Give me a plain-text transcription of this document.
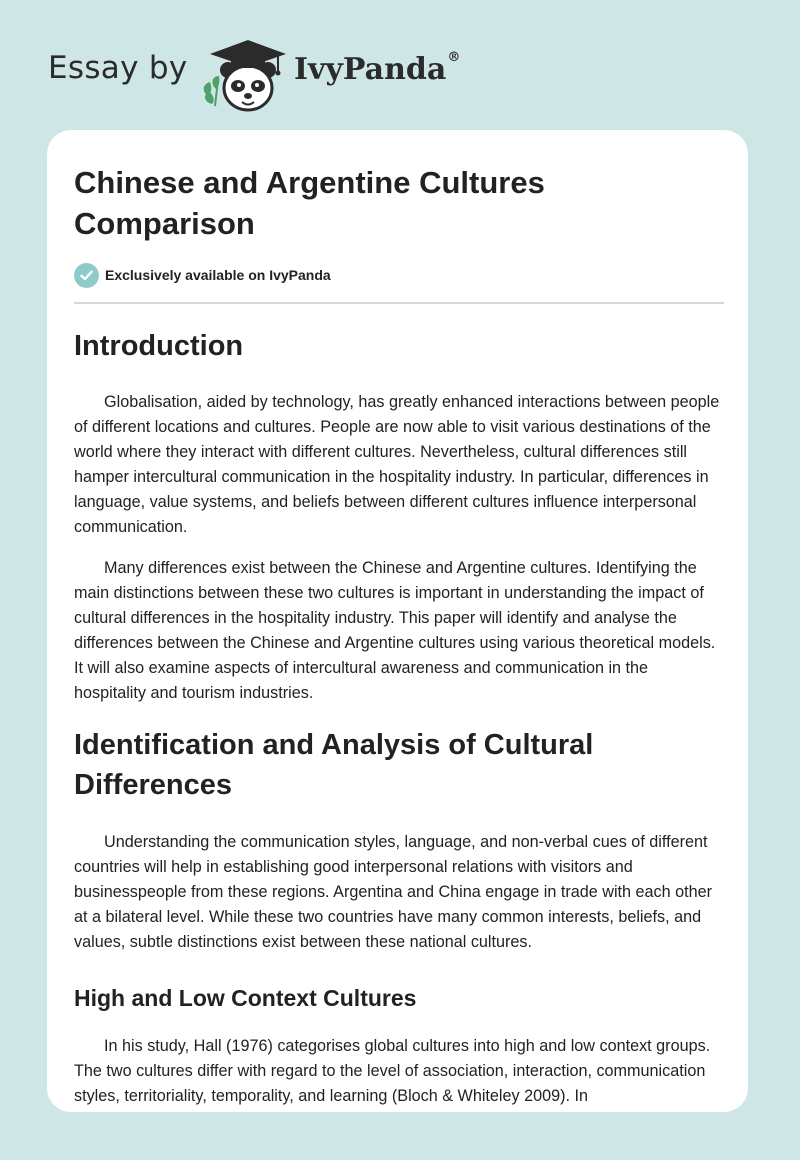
Essay by	IvyPanda®
Chinese and Argentine Cultures Comparison
Exclusively available on IvyPanda
Introduction

Globalisation, aided by technology, has greatly enhanced interactions between people of different locations and cultures. People are now able to visit various destinations of the world where they interact with different cultures. Nevertheless, cultural differences still hamper intercultural communication in the hospitality industry. In particular, differences in language, value systems, and beliefs between different cultures influence interpersonal communication.

Many differences exist between the Chinese and Argentine cultures. Identifying the main distinctions between these two cultures is important in understanding the impact of cultural differences in the hospitality industry. This paper will identify and analyse the differences between the Chinese and Argentine cultures using various theoretical models. It will also examine aspects of intercultural awareness and communication in the hospitality and tourism industries.

Identification and Analysis of Cultural Differences

Understanding the communication styles, language, and non-verbal cues of different countries will help in establishing good interpersonal relations with visitors and businesspeople from these regions. Argentina and China engage in trade with each other at a bilateral level. While these two countries have many common interests, beliefs, and values, subtle distinctions exist between these national cultures.

High and Low Context Cultures

In his study, Hall (1976) categorises global cultures into high and low context groups. The two cultures differ with regard to the level of association, interaction, communication styles, territoriality, temporality, and learning (Bloch & Whiteley 2009). In
